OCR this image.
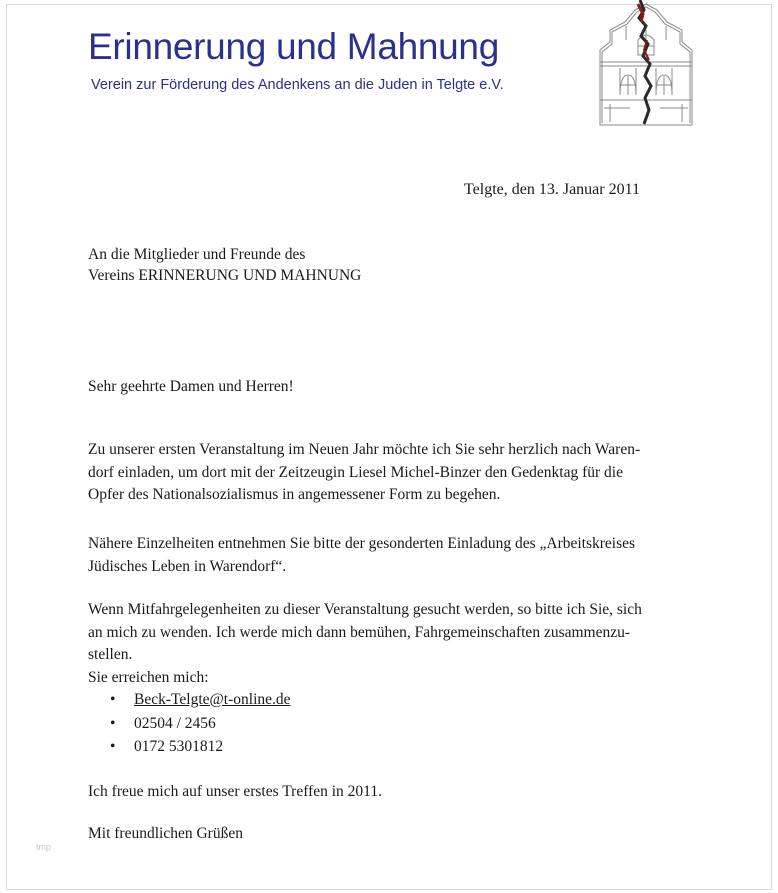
Erinnerung und Mahnung
Verein zur Förderung des Andenkens an die Juden in Telgte e.V.
Telgte, den 13. Januar 2011
An die Mitglieder und Freunde des
Vereins ERINNERUNG UND MAHNUNG
Sehr geehrte Damen und Herren!
Zu unserer ersten Veranstaltung im Neuen Jahr möchte ich Sie sehr herzlich nach Waren-
dorf einladen, um dort mit der Zeitzeugin Liesel Michel-Binzer den Gedenktag für die
Opfer des Nationalsozialismus in angemessener Form zu begehen.
Nähere Einzelheiten entnehmen Sie bitte der gesonderten Einladung des „Arbeitskreises
Jüdisches Leben in Warendorf“.
Wenn Mitfahrgelegenheiten zu dieser Veranstaltung gesucht werden, so bitte ich Sie, sich
an mich zu wenden. Ich werde mich dann bemühen, Fahrgemeinschaften zusammenzu-
stellen.
Sie erreichen mich:
• Beck-Telgte@t-online.de
• 02504 / 2456
• 0172 5301812
Ich freue mich auf unser erstes Treffen in 2011.
Mit freundlichen Grüßen
tmp
